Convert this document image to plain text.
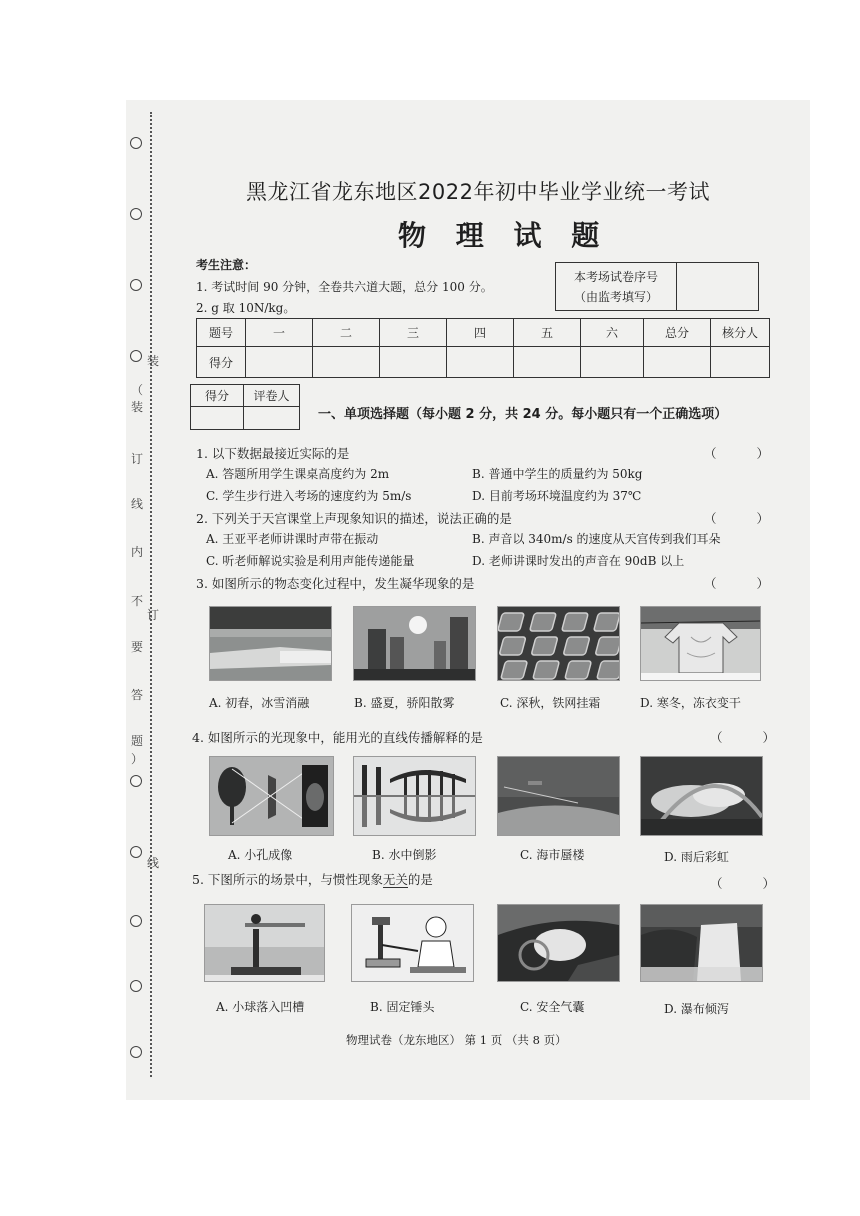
装
（
装
订
线
内
不
订
要
答
题
）
线
黑龙江省龙东地区2022年初中毕业学业统一考试
物 理 试 题
考生注意：
1. 考试时间 90 分钟，全卷共六道大题，总分 100 分。
2. g 取 10N/kg。
本考场试卷序号
（由监考填写）

题号	一	二	三	四	五	六	总分	核分人
得分								
得分	评卷人

一、单项选择题（每小题 2 分，共 24 分。每小题只有一个正确选项）
1. 以下数据最接近实际的是	（ ）
A. 答题所用学生课桌高度约为 2m	B. 普通中学生的质量约为 50kg
C. 学生步行进入考场的速度约为 5m/s	D. 目前考场环境温度约为 37℃
2. 下列关于天宫课堂上声现象知识的描述，说法正确的是	（ ）
A. 王亚平老师讲课时声带在振动	B. 声音以 340m/s 的速度从天宫传到我们耳朵
C. 听老师解说实验是利用声能传递能量	D. 老师讲课时发出的声音在 90dB 以上
3. 如图所示的物态变化过程中，发生凝华现象的是	（ ）
A. 初春，冰雪消融	B. 盛夏，骄阳散雾	C. 深秋，铁网挂霜	D. 寒冬，冻衣变干
4. 如图所示的光现象中，能用光的直线传播解释的是	（ ）
A. 小孔成像	B. 水中倒影	C. 海市蜃楼	D. 雨后彩虹
5. 下图所示的场景中，与惯性现象无关的是	（ ）
A. 小球落入凹槽	B. 固定锤头	C. 安全气囊	D. 瀑布倾泻
物理试卷（龙东地区） 第 1 页 （共 8 页）
